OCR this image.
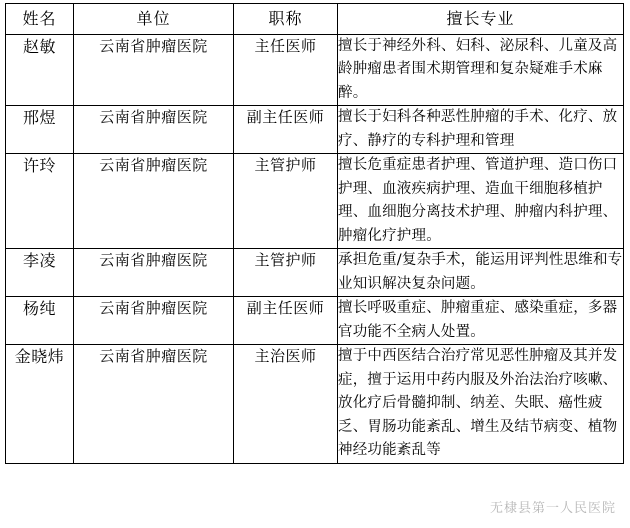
姓名	单位	职称	擅长专业
赵敏	云南省肿瘤医院	主任医师	擅长于神经外科、妇科、泌尿科、儿童及高龄肿瘤患者围术期管理和复杂疑难手术麻醉。
邢煜	云南省肿瘤医院	副主任医师	擅长于妇科各种恶性肿瘤的手术、化疗、放疗、静疗的专科护理和管理
许玲	云南省肿瘤医院	主管护师	擅长危重症患者护理、管道护理、造口伤口护理、血液疾病护理、造血干细胞移植护理、血细胞分离技术护理、肿瘤内科护理、肿瘤化疗护理。
李凌	云南省肿瘤医院	主管护师	承担危重/复杂手术，能运用评判性思维和专业知识解决复杂问题。
杨纯	云南省肿瘤医院	副主任医师	擅长呼吸重症、肿瘤重症、感染重症，多器官功能不全病人处置。
金晓炜	云南省肿瘤医院	主治医师	擅于中西医结合治疗常见恶性肿瘤及其并发症，擅于运用中药内服及外治法治疗咳嗽、放化疗后骨髓抑制、纳差、失眠、癌性疲乏、胃肠功能紊乱、增生及结节病变、植物神经功能紊乱等
无棣县第一人民医院
